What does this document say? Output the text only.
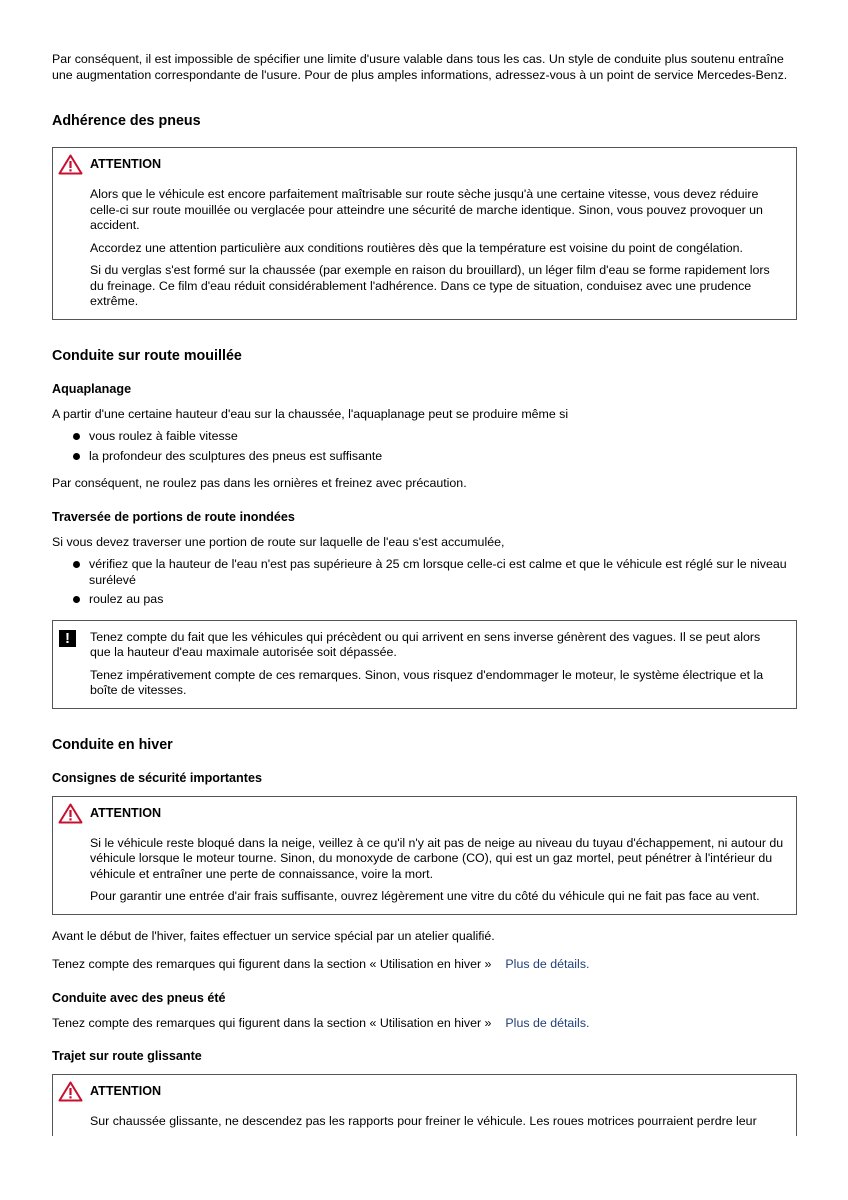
Par conséquent, il est impossible de spécifier une limite d'usure valable dans tous les cas. Un style de conduite plus soutenu entraîne une augmentation correspondante de l'usure. Pour de plus amples informations, adressez-vous à un point de service Mercedes-Benz.

Adhérence des pneus
ATTENTION

Alors que le véhicule est encore parfaitement maîtrisable sur route sèche jusqu'à une certaine vitesse, vous devez réduire celle-ci sur route mouillée ou verglacée pour atteindre une sécurité de marche identique. Sinon, vous pouvez provoquer un accident.

Accordez une attention particulière aux conditions routières dès que la température est voisine du point de congélation.

Si du verglas s'est formé sur la chaussée (par exemple en raison du brouillard), un léger film d'eau se forme rapidement lors du freinage. Ce film d'eau réduit considérablement l'adhérence. Dans ce type de situation, conduisez avec une prudence extrême.

Conduite sur route mouillée
Aquaplanage

A partir d'une certaine hauteur d'eau sur la chaussée, l'aquaplanage peut se produire même si

vous roulez à faible vitesse
la profondeur des sculptures des pneus est suffisante

Par conséquent, ne roulez pas dans les ornières et freinez avec précaution.

Traversée de portions de route inondées

Si vous devez traverser une portion de route sur laquelle de l'eau s'est accumulée,

vérifiez que la hauteur de l'eau n'est pas supérieure à 25 cm lorsque celle-ci est calme et que le véhicule est réglé sur le niveau surélevé
roulez au pas
!	Tenez compte du fait que les véhicules qui précèdent ou qui arrivent en sens inverse génèrent des vagues. Il se peut alors que la hauteur d'eau maximale autorisée soit dépassée.

Tenez impérativement compte de ces remarques. Sinon, vous risquez d'endommager le moteur, le système électrique et la boîte de vitesses.

Conduite en hiver
Consignes de sécurité importantes
ATTENTION

Si le véhicule reste bloqué dans la neige, veillez à ce qu'il n'y ait pas de neige au niveau du tuyau d'échappement, ni autour du véhicule lorsque le moteur tourne. Sinon, du monoxyde de carbone (CO), qui est un gaz mortel, peut pénétrer à l'intérieur du véhicule et entraîner une perte de connaissance, voire la mort.

Pour garantir une entrée d'air frais suffisante, ouvrez légèrement une vitre du côté du véhicule qui ne fait pas face au vent.

Avant le début de l'hiver, faites effectuer un service spécial par un atelier qualifié.

Tenez compte des remarques qui figurent dans la section « Utilisation en hiver » Plus de détails.

Conduite avec des pneus été

Tenez compte des remarques qui figurent dans la section « Utilisation en hiver » Plus de détails.

Trajet sur route glissante
ATTENTION

Sur chaussée glissante, ne descendez pas les rapports pour freiner le véhicule. Les roues motrices pourraient perdre leur
